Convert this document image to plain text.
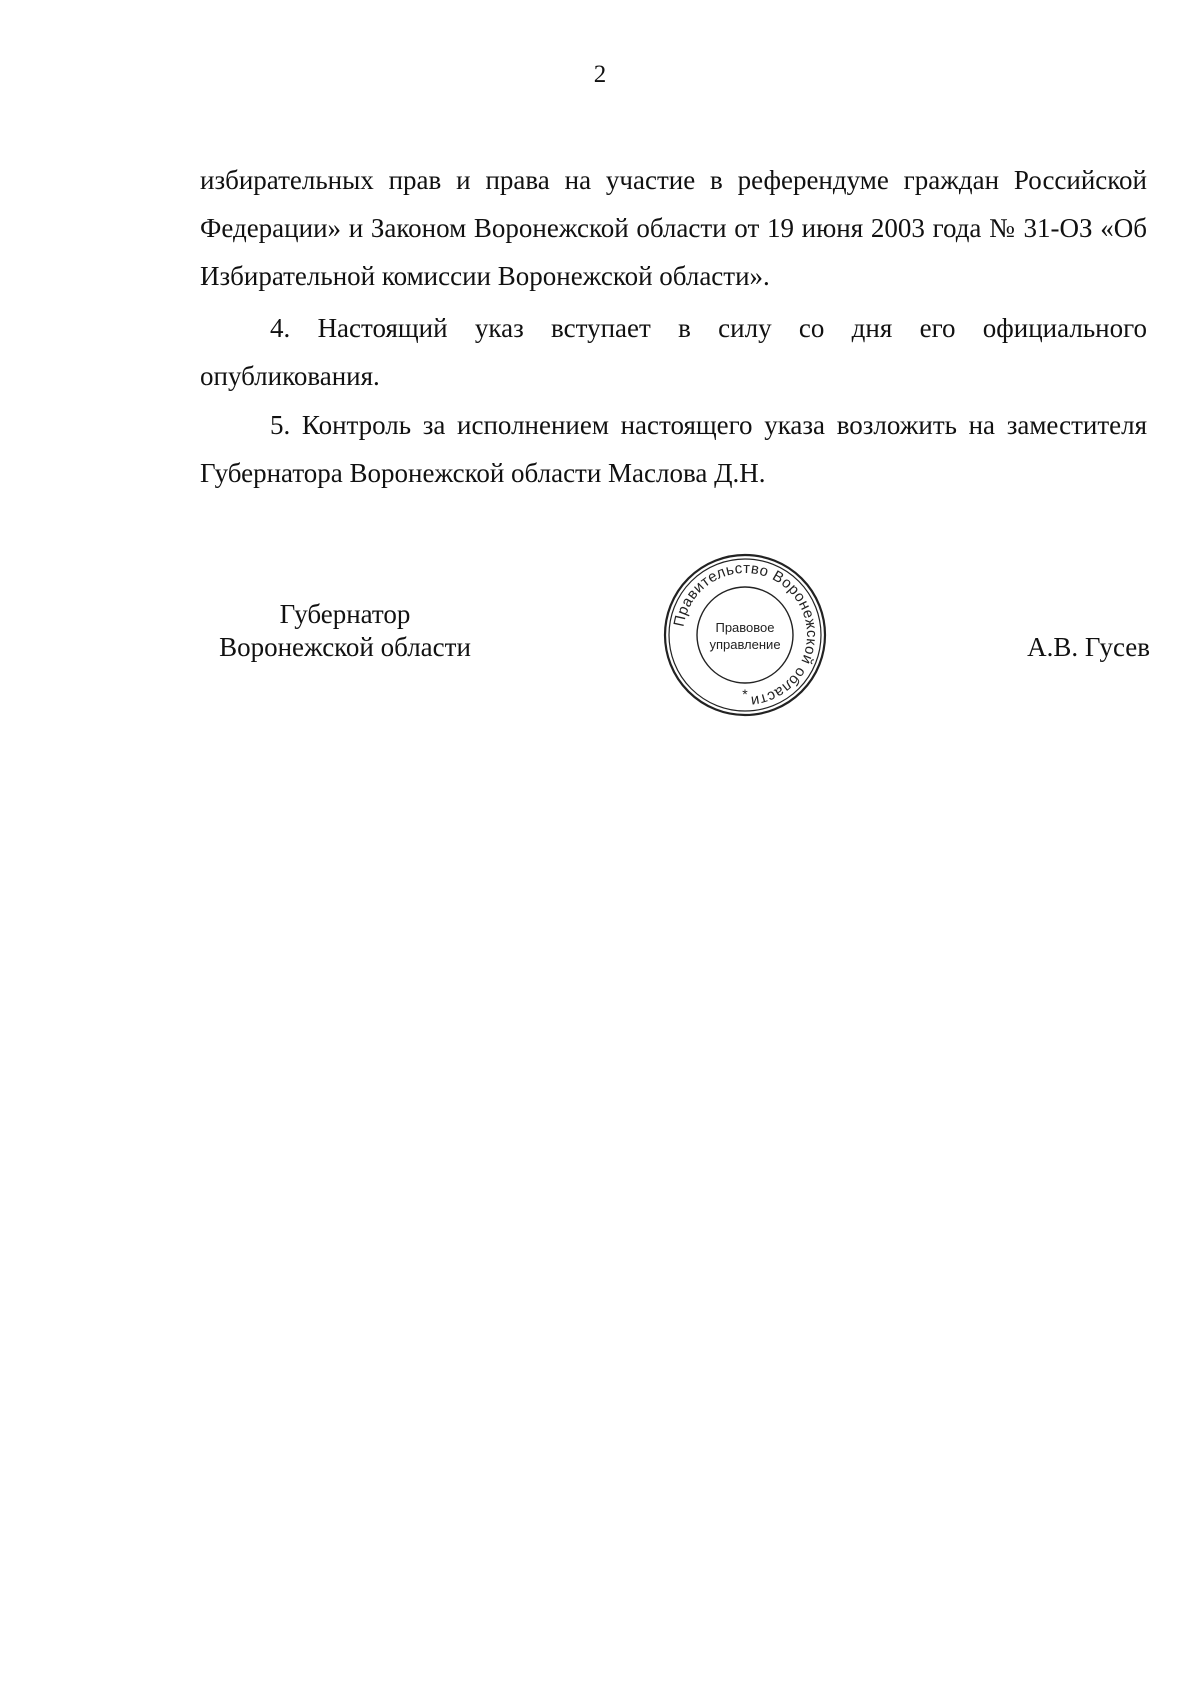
2

избирательных прав и права на участие в референдуме граждан Российской Федерации» и Законом Воронежской области от 19 июня 2003 года № 31-ОЗ «Об Избирательной комиссии Воронежской области».

4. Настоящий указ вступает в силу со дня его официального опубликования.

5. Контроль за исполнением настоящего указа возложить на заместителя Губернатора Воронежской области Маслова Д.Н.

Губернатор
Воронежской области
Правительство Воронежской области
Правовое
управление
*
А.В. Гусев
